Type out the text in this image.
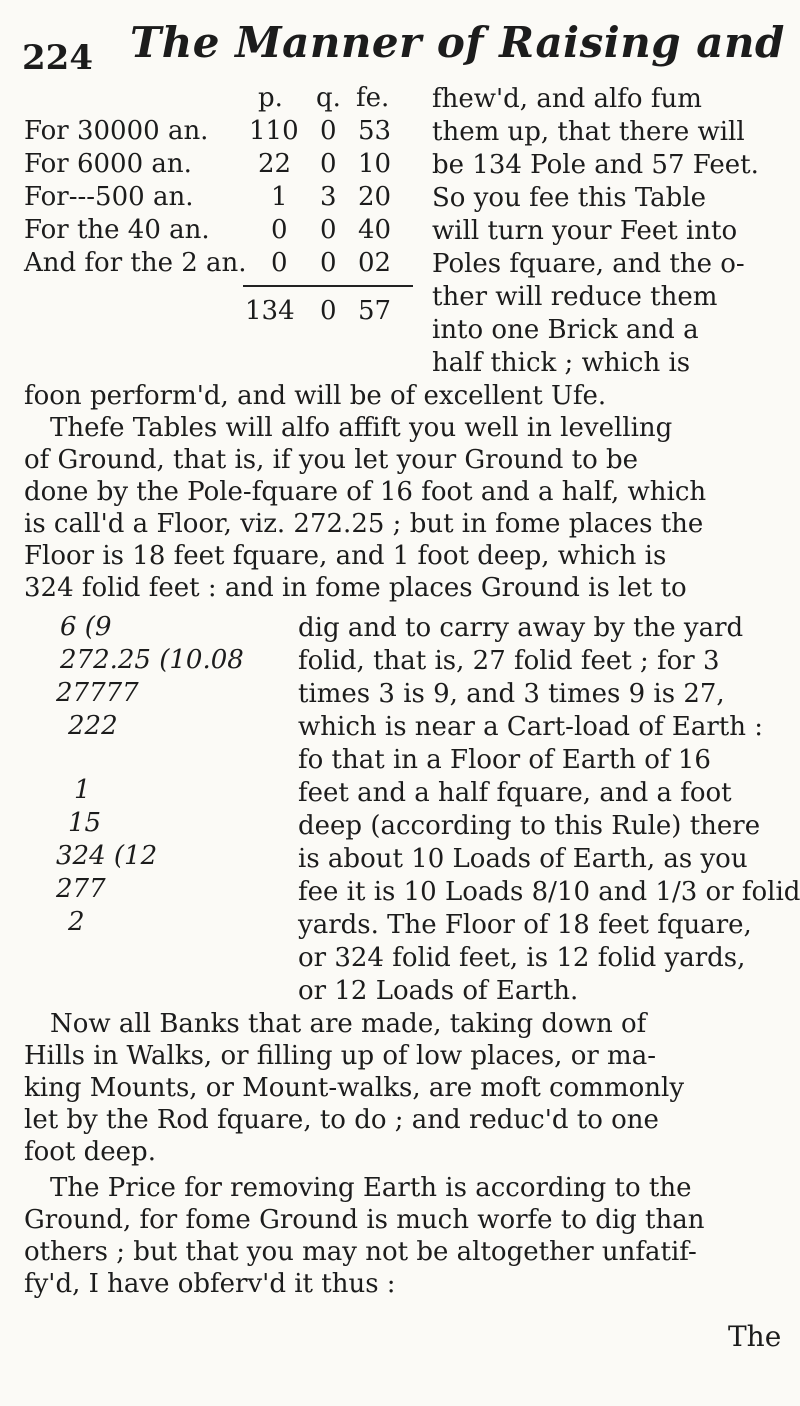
224 The Manner of Raising and
p. q. fe.
For 30000 an. 110 0 53
For 6000 an.	22 0 10
For---500 an.	1 3 20
For the 40 an. 0 0 40
And for the 2 an. 0 0 02
134 0 57
fhew'd, and alfo fum
them up, that there will
be 134 Pole and 57 Feet.
So you fee this Table
will turn your Feet into
Poles fquare, and the o-
ther will reduce them
into one Brick and a
half thick ; which is
foon perform'd, and will be of excellent Ufe.
Thefe Tables will alfo affift you well in levelling
of Ground, that is, if you let your Ground to be
done by the Pole-fquare of 16 foot and a half, which
is call'd a Floor, viz. 272.25 ; but in fome places the
Floor is 18 feet fquare, and 1 foot deep, which is
324 folid feet : and in fome places Ground is let to
6 (9
272.25 (10.08
27777
222
1
15
324 (12
277
2
dig and to carry away by the yard
folid, that is, 27 folid feet ; for 3
times 3 is 9, and 3 times 9 is 27,
which is near a Cart-load of Earth :
fo that in a Floor of Earth of 16
feet and a half fquare, and a foot
deep (according to this Rule) there
is about 10 Loads of Earth, as you
fee it is 10 Loads 8/10 and 1/3 or folid
yards. The Floor of 18 feet fquare,
or 324 folid feet, is 12 folid yards,
or 12 Loads of Earth.
Now all Banks that are made, taking down of
Hills in Walks, or filling up of low places, or ma-
king Mounts, or Mount-walks, are moft commonly
let by the Rod fquare, to do ; and reduc'd to one
foot deep.
The Price for removing Earth is according to the
Ground, for fome Ground is much worfe to dig than
others ; but that you may not be altogether unfatif-
fy'd, I have obferv'd it thus :
The
